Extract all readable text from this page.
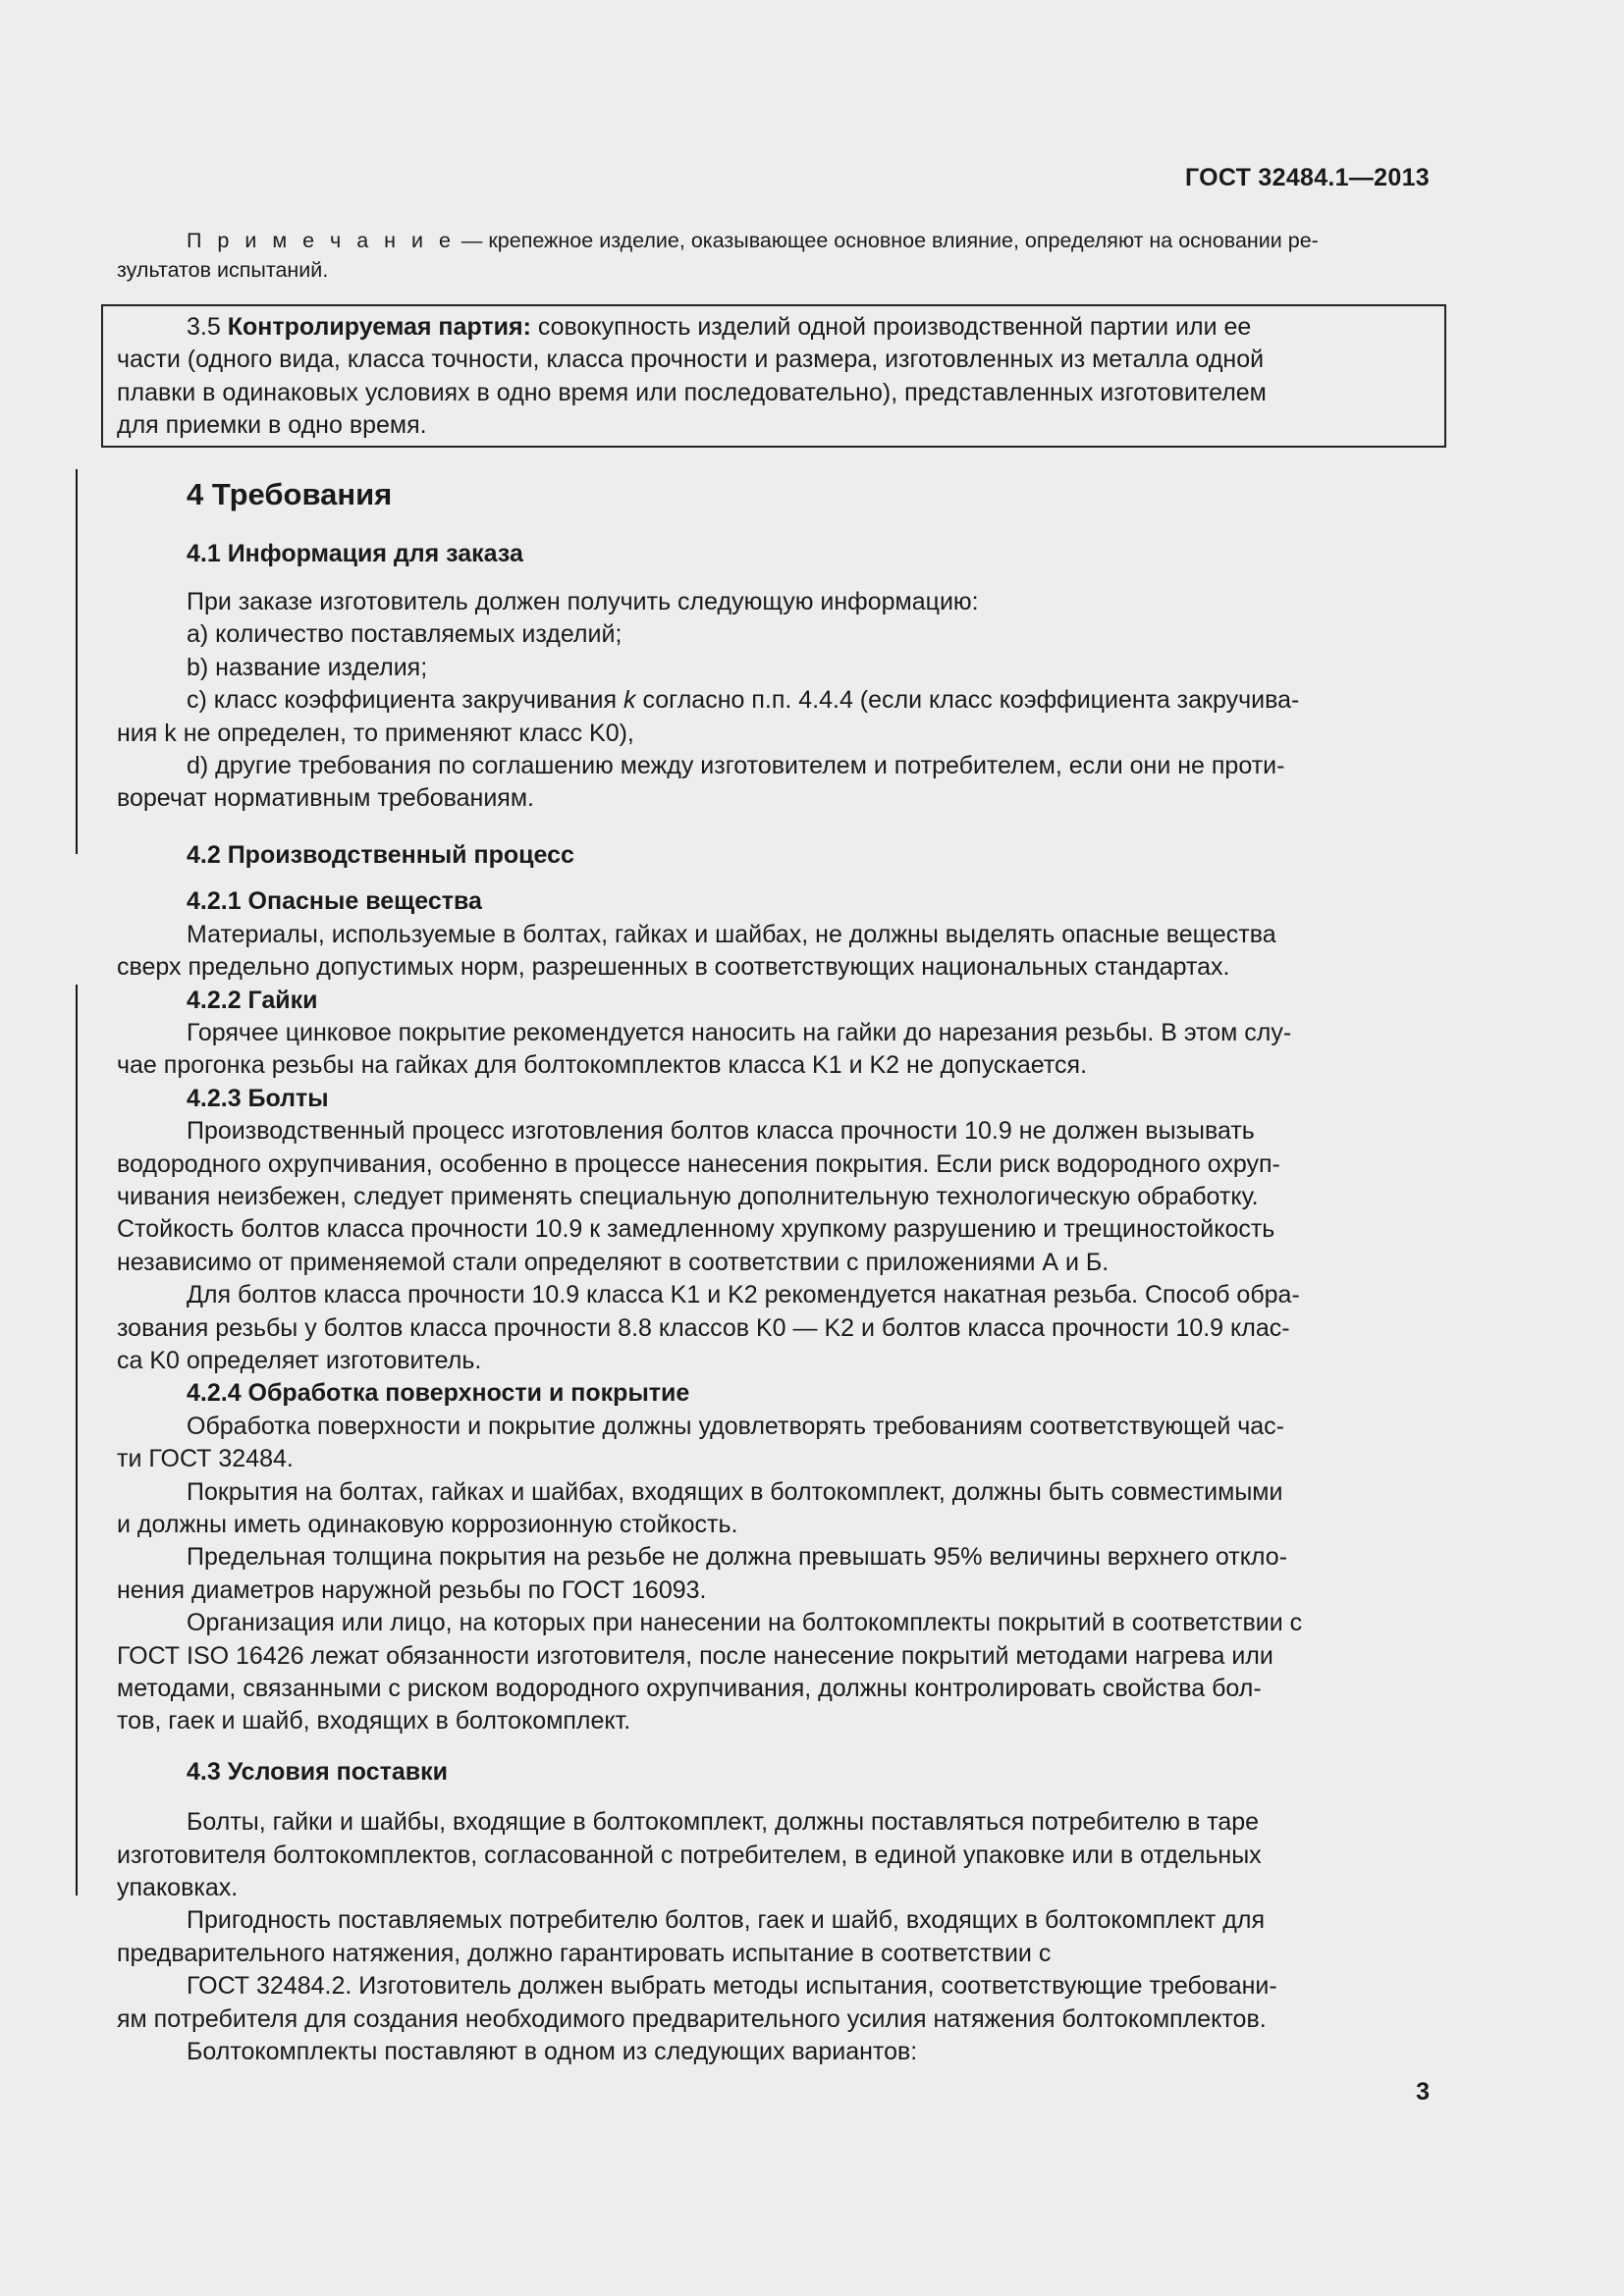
ГОСТ 32484.1—2013

П р и м е ч а н и е — крепежное изделие, оказывающее основное влияние, определяют на основании ре-

зультатов испытаний.

3.5 Контролируемая партия: совокупность изделий одной производственной партии или ее

части (одного вида, класса точности, класса прочности и размера, изготовленных из металла одной

плавки в одинаковых условиях в одно время или последовательно), представленных изготовителем

для приемки в одно время.

4 Требования
4.1 Информация для заказа

При заказе изготовитель должен получить следующую информацию:

a) количество поставляемых изделий;

b) название изделия;

c) класс коэффициента закручивания k согласно п.п. 4.4.4 (если класс коэффициента закручива-

ния k не определен, то применяют класс K0),

d) другие требования по соглашению между изготовителем и потребителем, если они не проти-

воречат нормативным требованиям.

4.2 Производственный процесс
4.2.1 Опасные вещества

Материалы, используемые в болтах, гайках и шайбах, не должны выделять опасные вещества

сверх предельно допустимых норм, разрешенных в соответствующих национальных стандартах.

4.2.2 Гайки

Горячее цинковое покрытие рекомендуется наносить на гайки до нарезания резьбы. В этом слу-

чае прогонка резьбы на гайках для болтокомплектов класса K1 и K2 не допускается.

4.2.3 Болты

Производственный процесс изготовления болтов класса прочности 10.9 не должен вызывать

водородного охрупчивания, особенно в процессе нанесения покрытия. Если риск водородного охруп-

чивания неизбежен, следует применять специальную дополнительную технологическую обработку.

Стойкость болтов класса прочности 10.9 к замедленному хрупкому разрушению и трещиностойкость

независимо от применяемой стали определяют в соответствии с приложениями А и Б.

Для болтов класса прочности 10.9 класса K1 и K2 рекомендуется накатная резьба. Способ обра-

зования резьбы у болтов класса прочности 8.8 классов K0 — K2 и болтов класса прочности 10.9 клас-

са K0 определяет изготовитель.

4.2.4 Обработка поверхности и покрытие

Обработка поверхности и покрытие должны удовлетворять требованиям соответствующей час-

ти ГОСТ 32484.

Покрытия на болтах, гайках и шайбах, входящих в болтокомплект, должны быть совместимыми

и должны иметь одинаковую коррозионную стойкость.

Предельная толщина покрытия на резьбе не должна превышать 95% величины верхнего откло-

нения диаметров наружной резьбы по ГОСТ 16093.

Организация или лицо, на которых при нанесении на болтокомплекты покрытий в соответствии с

ГОСТ ISO 16426 лежат обязанности изготовителя, после нанесение покрытий методами нагрева или

методами, связанными с риском водородного охрупчивания, должны контролировать свойства бол-

тов, гаек и шайб, входящих в болтокомплект.

4.3 Условия поставки

Болты, гайки и шайбы, входящие в болтокомплект, должны поставляться потребителю в таре

изготовителя болтокомплектов, согласованной с потребителем, в единой упаковке или в отдельных

упаковках.

Пригодность поставляемых потребителю болтов, гаек и шайб, входящих в болтокомплект для

предварительного натяжения, должно гарантировать испытание в соответствии с

ГОСТ 32484.2. Изготовитель должен выбрать методы испытания, соответствующие требовани-

ям потребителя для создания необходимого предварительного усилия натяжения болтокомплектов.

Болтокомплекты поставляют в одном из следующих вариантов:

3
